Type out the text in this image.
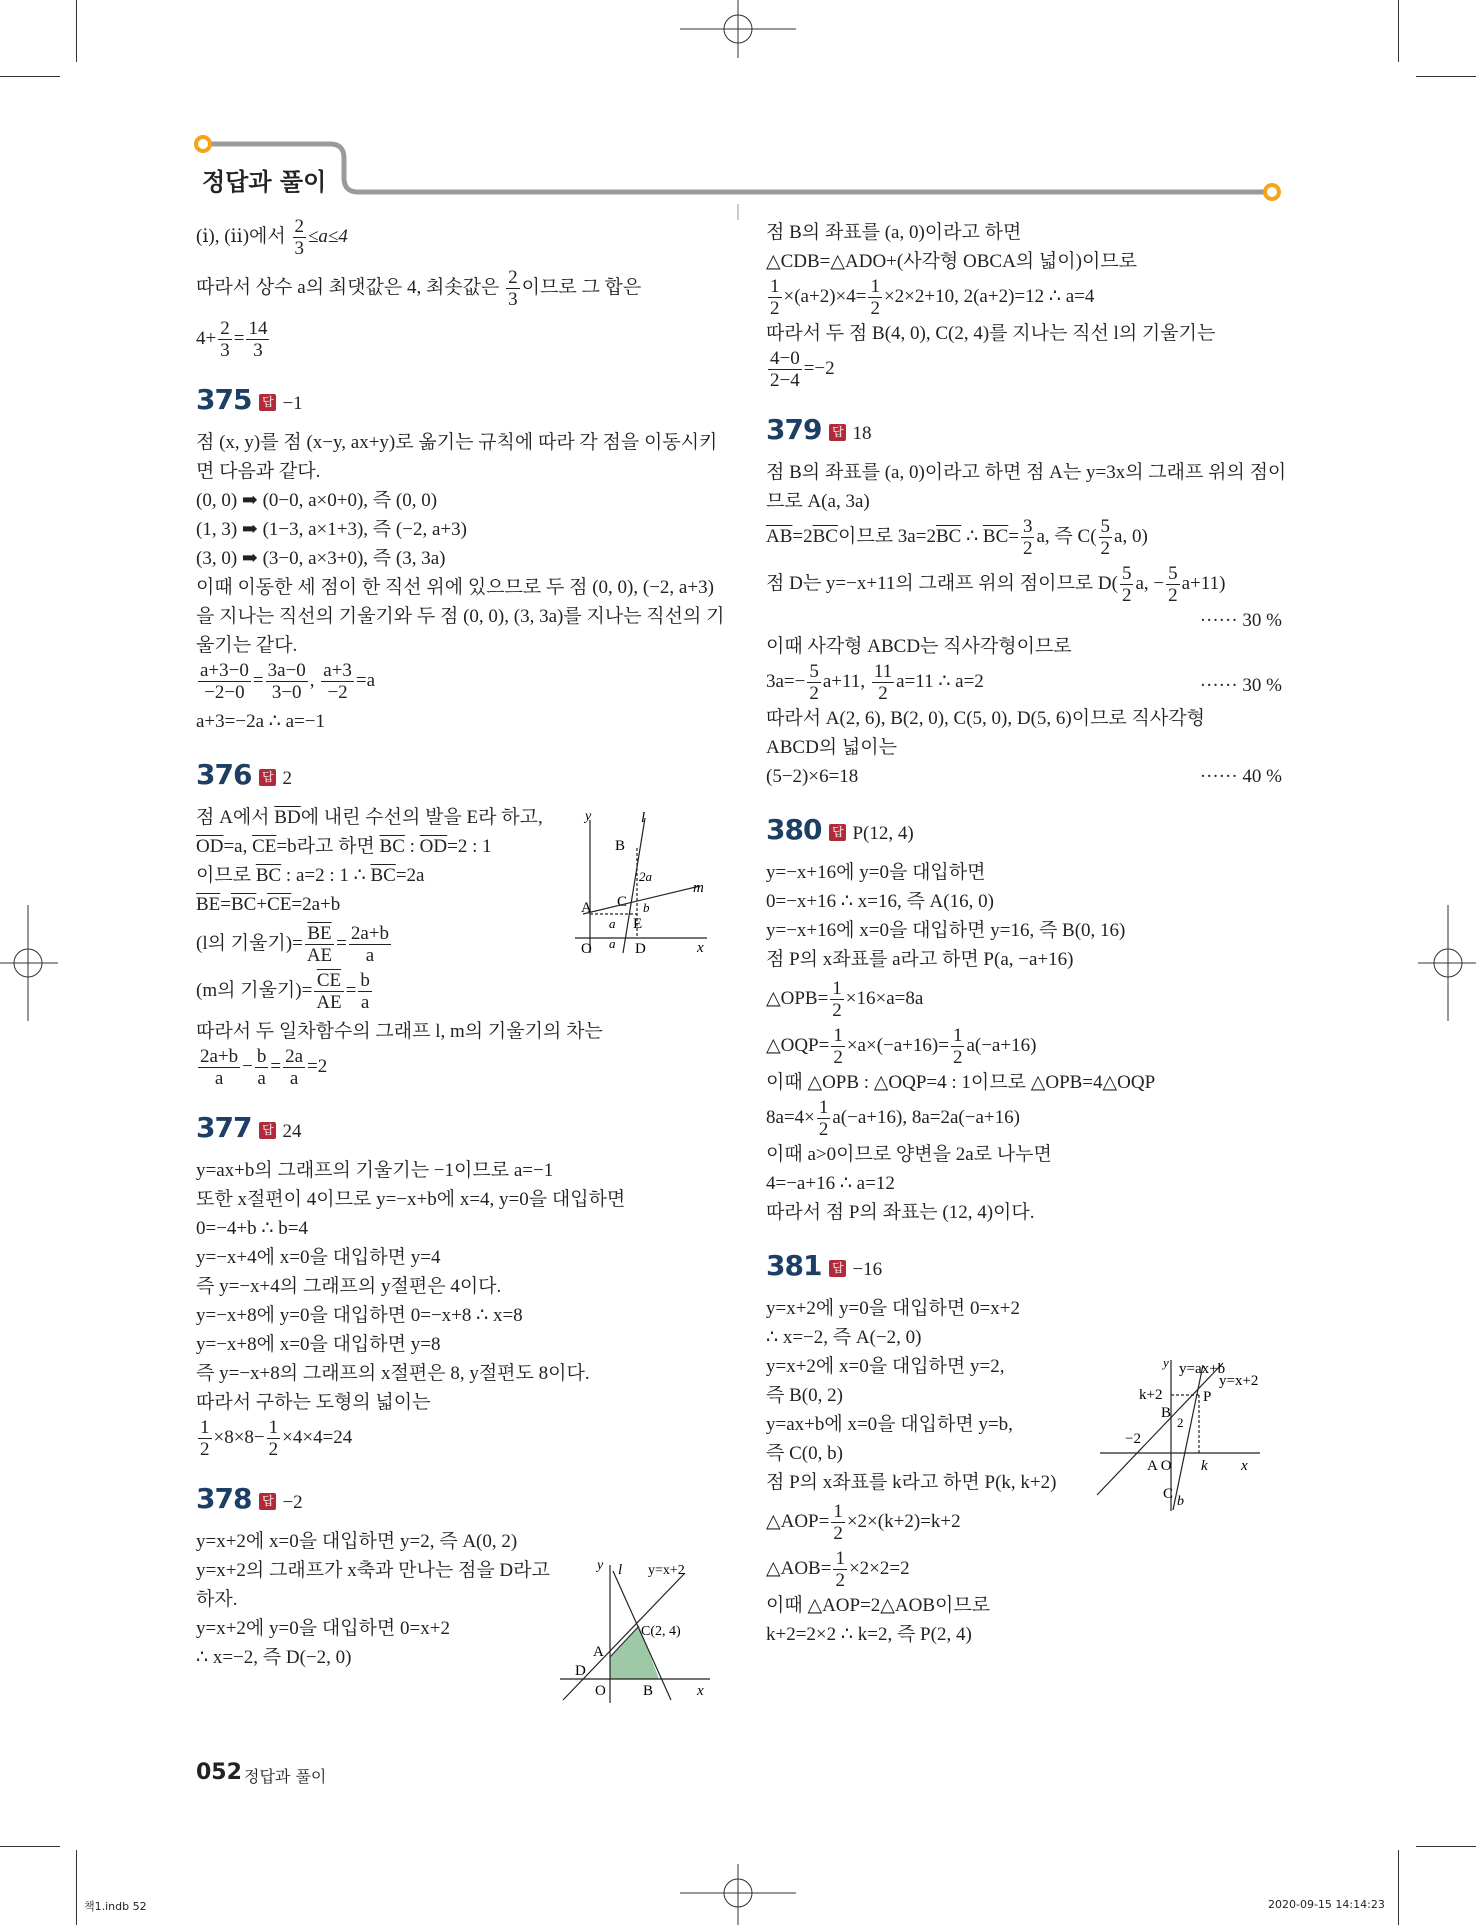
정답과 풀이
(ⅰ), (ⅱ)에서 $\frac{2}{3} \le a\le 4$
따라서 상수 a의 최댓값은 4, 최솟값은 $\frac{2}{3}$ 이므로 그 합은
$4+ \frac{2}{3} = \frac{14}{3}$
375 답 −1
점 (x, y)를 점 (x−y, ax+y)로 옮기는 규칙에 따라 각 점을 이동시키
면 다음과 같다.
(0, 0) ➡ (0−0, a×0+0), 즉 (0, 0)
(1, 3) ➡ (1−3, a×1+3), 즉 (−2, a+3)
(3, 0) ➡ (3−0, a×3+0), 즉 (3, 3a)
이때 이동한 세 점이 한 직선 위에 있으므로 두 점 (0, 0), (−2, a+3)
을 지나는 직선의 기울기와 두 점 (0, 0), (3, 3a)를 지나는 직선의 기
울기는 같다.
$\frac{a+3-0}{-2-0} = \frac{3a-0}{3-0}$ , $\frac{a+3}{-2} =a$
a+3=−2a ∴ a=−1
376 답 2
점 A에서 $\overline{BD}$에 내린 수선의 발을 E라 하고,
$\overline{OD}=a$, $\overline{CE}=b$라고 하면 $\overline{BC}$ : $\overline{OD}=2$ : 1
이므로 $\overline{BC}$ : a=2 : 1 ∴ $\overline{BC}=2a$
$\overline{BE}=\overline{BC}+\overline{CE}=2a+b$
(l의 기울기)= $\frac{\overline{BE}}{AE} = \frac{2a+b}{a}$
(m의 기울기)= $\frac{\overline{CE}}{AE} = \frac{b}{a}$
따라서 두 일차함수의 그래프 l, m의 기울기의 차는
$\frac{2a+b}{a} - \frac{b}{a} = \frac{2a}{a} =2$
377 답 24
y=ax+b의 그래프의 기울기는 −1이므로 a=−1
또한 x절편이 4이므로 y=−x+b에 x=4, y=0을 대입하면
0=−4+b ∴ b=4
y=−x+4에 x=0을 대입하면 y=4
즉 y=−x+4의 그래프의 y절편은 4이다.
y=−x+8에 y=0을 대입하면 0=−x+8 ∴ x=8
y=−x+8에 x=0을 대입하면 y=8
즉 y=−x+8의 그래프의 x절편은 8, y절편도 8이다.
따라서 구하는 도형의 넓이는
$\frac{1}{2} \times 8\times 8- \frac{1}{2} \times 4\times 4=24$
378 답 −2
y=x+2에 x=0을 대입하면 y=2, 즉 A(0, 2)
y=x+2의 그래프가 x축과 만나는 점을 D라고
하자.
y=x+2에 y=0을 대입하면 0=x+2
∴ x=−2, 즉 D(−2, 0)
y	l
m
B
2a
C b
A
a E
O a D	x
y l y=x+2
C(2, 4)
A
D
O B	x
점 B의 좌표를 (a, 0)이라고 하면
△CDB=△ADO+(사각형 OBCA의 넓이)이므로
$\frac{1}{2} \times(a+2)\times 4= \frac{1}{2} \times 2\times 2+10$, 2(a+2)=12 ∴ a=4
따라서 두 점 B(4, 0), C(2, 4)를 지나는 직선 l의 기울기는
$\frac{4-0}{2-4} =-2$
379 답 18
점 B의 좌표를 (a, 0)이라고 하면 점 A는 y=3x의 그래프 위의 점이
므로 A(a, 3a)
$\overline{AB}=2\overline{BC}$이므로 $3a=2\overline{BC}$ ∴ $\overline{BC}= \frac{3}{2} a$, 즉 $C( \frac{5}{2} a$, 0)
점 D는 y=−x+11의 그래프 위의 점이므로 $D( \frac{5}{2} a$, − $\frac{5}{2} a+11$)
······ 30 %
이때 사각형 ABCD는 직사각형이므로
$3a=- \frac{5}{2} a+11$, $\frac{11}{2} a=11$ ∴ a=2	······ 30 %
따라서 A(2, 6), B(2, 0), C(5, 0), D(5, 6)이므로 직사각형
ABCD의 넓이는
(5−2)×6=18	······ 40 %
380 답 P(12, 4)
y=−x+16에 y=0을 대입하면
0=−x+16 ∴ x=16, 즉 A(16, 0)
y=−x+16에 x=0을 대입하면 y=16, 즉 B(0, 16)
점 P의 x좌표를 a라고 하면 P(a, −a+16)
△OPB= $\frac{1}{2} \times 16\times a=8a$
△OQP= $\frac{1}{2} \times a\times(-a+16)= \frac{1}{2} a(-a+16)$
이때 △OPB : △OQP=4 : 1이므로 △OPB=4△OQP
$8a=4\times \frac{1}{2} a(-a+16)$, 8a=2a(−a+16)
이때 a>0이므로 양변을 2a로 나누면
4=−a+16 ∴ a=12
따라서 점 P의 좌표는 (12, 4)이다.
381 답 −16
y=x+2에 y=0을 대입하면 0=x+2
∴ x=−2, 즉 A(−2, 0)
y=x+2에 x=0을 대입하면 y=2,
즉 B(0, 2)
y=ax+b에 x=0을 대입하면 y=b,
즉 C(0, b)
점 P의 x좌표를 k라고 하면 P(k, k+2)
△AOP= $\frac{1}{2} \times 2\times(k+2)=k+2$
△AOB= $\frac{1}{2} \times 2\times 2=2$
이때 △AOP=2△AOB이므로
k+2=2×2 ∴ k=2, 즉 P(2, 4)
y y=ax+b
y=x+2
k+2	P
B
2
−2
A O k x
C b
052 정답과 풀이
책1.indb 52	2020-09-15 14:14:23
